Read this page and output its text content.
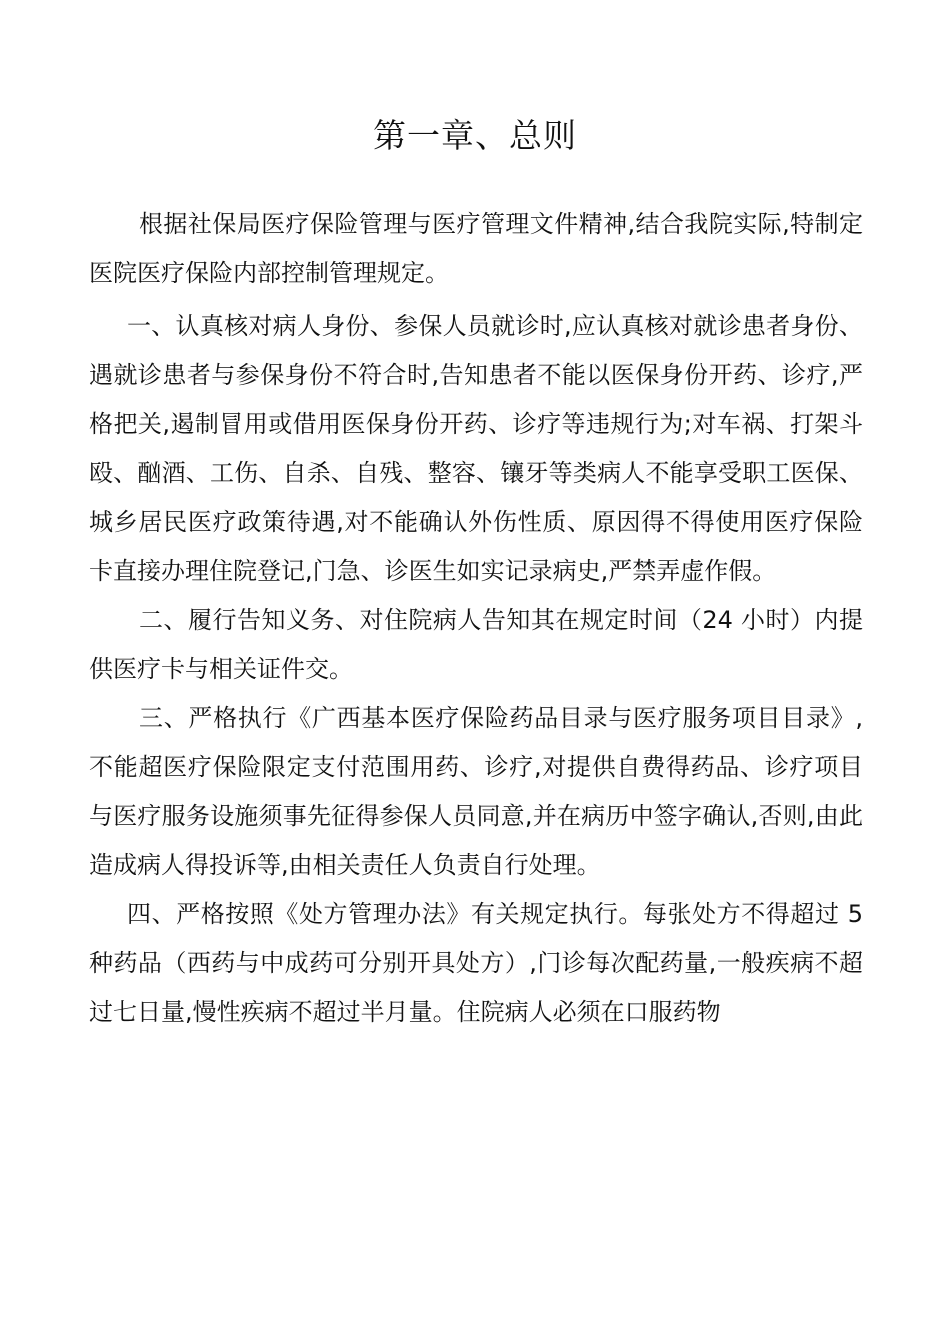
第一章、总则

根据社保局医疗保险管理与医疗管理文件精神,结合我院实际,特制定医院医疗保险内部控制管理规定。

一、认真核对病人身份、参保人员就诊时,应认真核对就诊患者身份、遇就诊患者与参保身份不符合时,告知患者不能以医保身份开药、诊疗,严格把关,遏制冒用或借用医保身份开药、诊疗等违规行为;对车祸、打架斗殴、酗酒、工伤、自杀、自残、整容、镶牙等类病人不能享受职工医保、城乡居民医疗政策待遇,对不能确认外伤性质、原因得不得使用医疗保险卡直接办理住院登记,门急、诊医生如实记录病史,严禁弄虚作假。

二、履行告知义务、对住院病人告知其在规定时间（24 小时）内提供医疗卡与相关证件交。

三、严格执行《广西基本医疗保险药品目录与医疗服务项目目录》,不能超医疗保险限定支付范围用药、诊疗,对提供自费得药品、诊疗项目与医疗服务设施须事先征得参保人员同意,并在病历中签字确认,否则,由此造成病人得投诉等,由相关责任人负责自行处理。

四、严格按照《处方管理办法》有关规定执行。每张处方不得超过 5 种药品（西药与中成药可分别开具处方）,门诊每次配药量,一般疾病不超过七日量,慢性疾病不超过半月量。住院病人必须在口服药物
